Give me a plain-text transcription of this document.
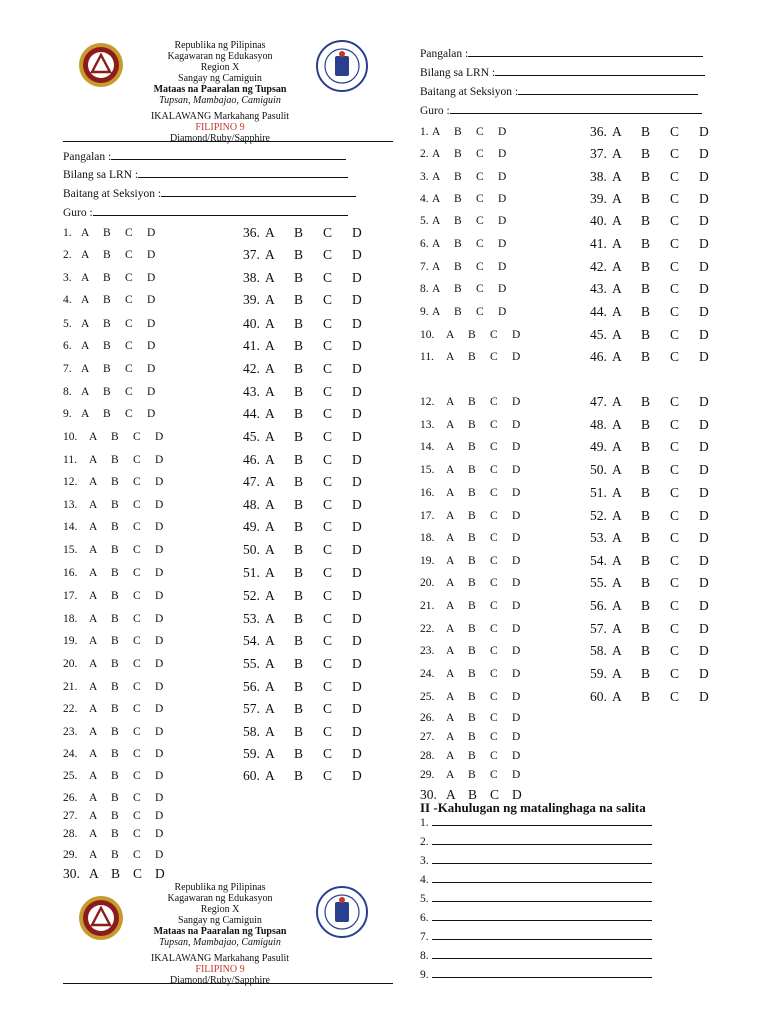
Republika ng Pilipinas
Kagawaran ng Edukasyon
Region X
Sangay ng Camiguin
Mataas na Paaralan ng Tupsan
Tupsan, Mambajao, Camiguin
IKALAWANG Markahang Pasulit
FILIPINO 9
Diamond/Ruby/Sapphire
Pangalan :
Bilang sa LRN :
Baitang at Seksiyon :
Guro :
1. A B C D
2. A B C D
3. A B C D
4. A B C D
5. A B C D
6. A B C D
7. A B C D
8. A B C D
9. A B C D
10. A B C D
11. A B C D
12. A B C D
13. A B C D
14. A B C D
15. A B C D
16. A B C D
17. A B C D
18. A B C D
19. A B C D
20. A B C D
21. A B C D
22. A B C D
23. A B C D
24. A B C D
25. A B C D
26. A B C D
27. A B C D
28. A B C D
29. A B C D
30. A B C D
36. A B C D
37. A B C D
38. A B C D
39. A B C D
40. A B C D
41. A B C D
42. A B C D
43. A B C D
44. A B C D
45. A B C D
46. A B C D
47. A B C D
48. A B C D
49. A B C D
50. A B C D
51. A B C D
52. A B C D
53. A B C D
54. A B C D
55. A B C D
56. A B C D
57. A B C D
58. A B C D
59. A B C D
60. A B C D
1. A B C D
2. A B C D
3. A B C D
4. A B C D
5. A B C D
6. A B C D
7. A B C D
8. A B C D
9. A B C D
10. A B C D
11. A B C D
12. A B C D
13. A B C D
14. A B C D
15. A B C D
16. A B C D
17. A B C D
18. A B C D
19. A B C D
20. A B C D
21. A B C D
22. A B C D
23. A B C D
24. A B C D
25. A B C D
26. A B C D
27. A B C D
28. A B C D
29. A B C D
30. A B C D
36. A B C D
37. A B C D
38. A B C D
39. A B C D
40. A B C D
41. A B C D
42. A B C D
43. A B C D
44. A B C D
45. A B C D
46. A B C D
47. A B C D
48. A B C D
49. A B C D
50. A B C D
51. A B C D
52. A B C D
53. A B C D
54. A B C D
55. A B C D
56. A B C D
57. A B C D
58. A B C D
59. A B C D
60. A B C D
Republika ng Pilipinas
Kagawaran ng Edukasyon
Region X
Sangay ng Camiguin
Mataas na Paaralan ng Tupsan
Tupsan, Mambajao, Camiguin
IKALAWANG Markahang Pasulit
FILIPINO 9
Diamond/Ruby/Sapphire
Pangalan :
Bilang sa LRN :
Baitang at Seksiyon :
Guro :
II -Kahulugan ng matalinghaga na salita
1.
2.
3.
4.
5.
6.
7.
8.
9.
